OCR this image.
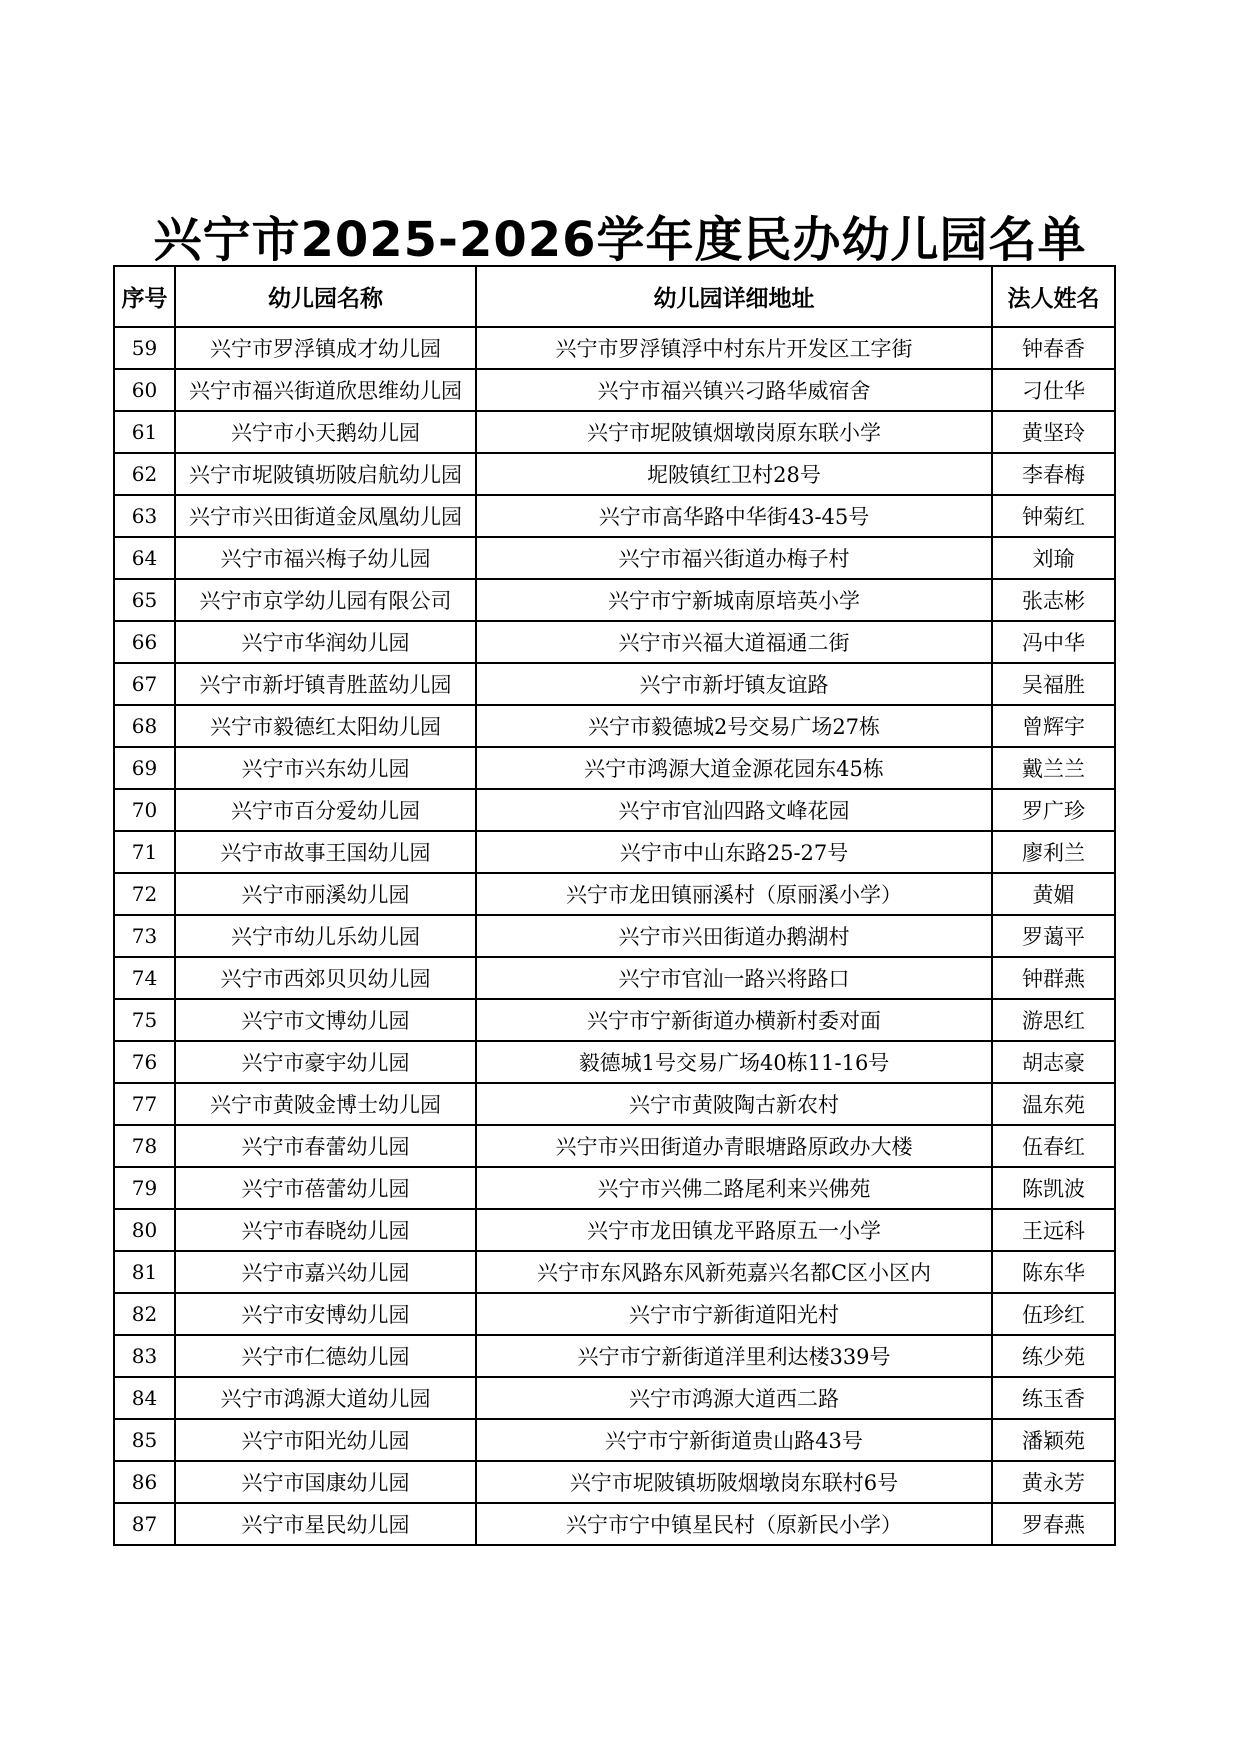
兴宁市2025-2026学年度民办幼儿园名单
序号	幼儿园名称	幼儿园详细地址	法人姓名
59	兴宁市罗浮镇成才幼儿园	兴宁市罗浮镇浮中村东片开发区工字街	钟春香
60	兴宁市福兴街道欣思维幼儿园	兴宁市福兴镇兴刁路华威宿舍	刁仕华
61	兴宁市小天鹅幼儿园	兴宁市坭陂镇烟墩岗原东联小学	黄坚玲
62	兴宁市坭陂镇坜陂启航幼儿园	坭陂镇红卫村28号	李春梅
63	兴宁市兴田街道金凤凰幼儿园	兴宁市高华路中华街43-45号	钟菊红
64	兴宁市福兴梅子幼儿园	兴宁市福兴街道办梅子村	刘瑜
65	兴宁市京学幼儿园有限公司	兴宁市宁新城南原培英小学	张志彬
66	兴宁市华润幼儿园	兴宁市兴福大道福通二街	冯中华
67	兴宁市新圩镇青胜蓝幼儿园	兴宁市新圩镇友谊路	吴福胜
68	兴宁市毅德红太阳幼儿园	兴宁市毅德城2号交易广场27栋	曾辉宇
69	兴宁市兴东幼儿园	兴宁市鸿源大道金源花园东45栋	戴兰兰
70	兴宁市百分爱幼儿园	兴宁市官汕四路文峰花园	罗广珍
71	兴宁市故事王国幼儿园	兴宁市中山东路25-27号	廖利兰
72	兴宁市丽溪幼儿园	兴宁市龙田镇丽溪村（原丽溪小学）	黄媚
73	兴宁市幼儿乐幼儿园	兴宁市兴田街道办鹅湖村	罗蔼平
74	兴宁市西郊贝贝幼儿园	兴宁市官汕一路兴将路口	钟群燕
75	兴宁市文博幼儿园	兴宁市宁新街道办横新村委对面	游思红
76	兴宁市豪宇幼儿园	毅德城1号交易广场40栋11-16号	胡志豪
77	兴宁市黄陂金博士幼儿园	兴宁市黄陂陶古新农村	温东苑
78	兴宁市春蕾幼儿园	兴宁市兴田街道办青眼塘路原政办大楼	伍春红
79	兴宁市蓓蕾幼儿园	兴宁市兴佛二路尾利来兴佛苑	陈凯波
80	兴宁市春晓幼儿园	兴宁市龙田镇龙平路原五一小学	王远科
81	兴宁市嘉兴幼儿园	兴宁市东风路东风新苑嘉兴名都C区小区内	陈东华
82	兴宁市安博幼儿园	兴宁市宁新街道阳光村	伍珍红
83	兴宁市仁德幼儿园	兴宁市宁新街道洋里利达楼339号	练少苑
84	兴宁市鸿源大道幼儿园	兴宁市鸿源大道西二路	练玉香
85	兴宁市阳光幼儿园	兴宁市宁新街道贵山路43号	潘颖苑
86	兴宁市国康幼儿园	兴宁市坭陂镇坜陂烟墩岗东联村6号	黄永芳
87	兴宁市星民幼儿园	兴宁市宁中镇星民村（原新民小学）	罗春燕
